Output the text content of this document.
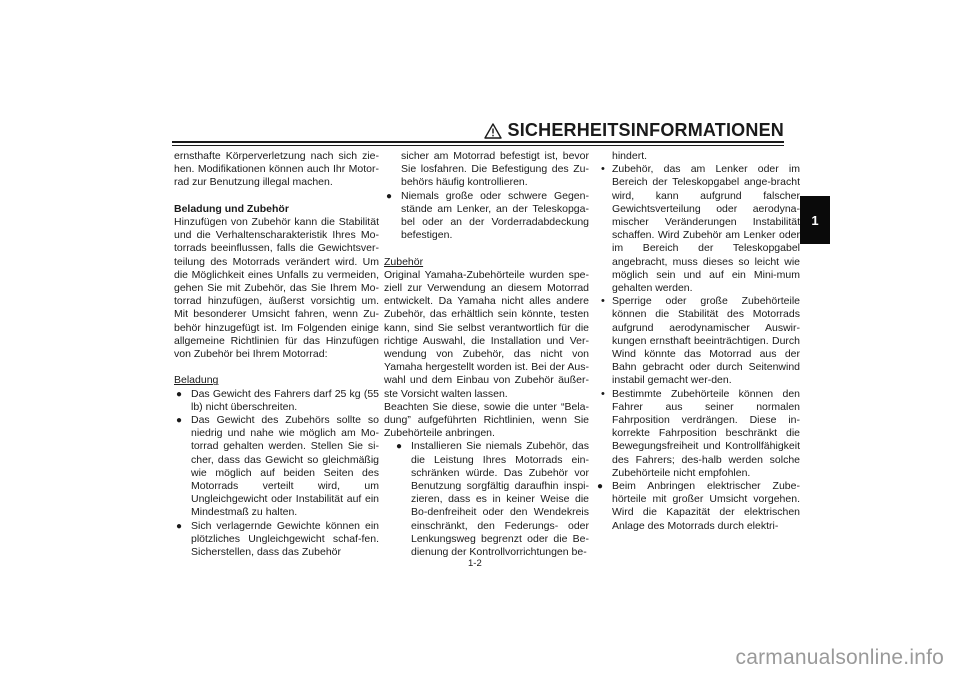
SICHERHEITSINFORMATIONEN
1

ernsthafte Körperverletzung nach sich zie-hen. Modifikationen können auch Ihr Motor-rad zur Benutzung illegal machen.

Beladung und Zubehör

Hinzufügen von Zubehör kann die Stabilität und die Verhaltenscharakteristik Ihres Mo-torrads beeinflussen, falls die Gewichtsver-teilung des Motorrads verändert wird. Um die Möglichkeit eines Unfalls zu vermeiden, gehen Sie mit Zubehör, das Sie Ihrem Mo-torrad hinzufügen, äußerst vorsichtig um. Mit besonderer Umsicht fahren, wenn Zu-behör hinzugefügt ist. Im Folgenden einige allgemeine Richtlinien für das Hinzufügen von Zubehör bei Ihrem Motorrad:

Beladung

● Das Gewicht des Fahrers darf 25 kg (55 lb) nicht überschreiten.

● Das Gewicht des Zubehörs sollte so niedrig und nahe wie möglich am Mo-torrad gehalten werden. Stellen Sie si-cher, dass das Gewicht so gleichmäßig wie möglich auf beiden Seiten des Motorrads verteilt wird, um Ungleichgewicht oder Instabilität auf ein Mindestmaß zu halten.

● Sich verlagernde Gewichte können ein plötzliches Ungleichgewicht schaf-fen. Sicherstellen, dass das Zubehör

sicher am Motorrad befestigt ist, bevor Sie losfahren. Die Befestigung des Zu-behörs häufig kontrollieren.

● Niemals große oder schwere Gegen-stände am Lenker, an der Teleskopga-bel oder an der Vorderradabdeckung befestigen.

Zubehör

Original Yamaha-Zubehörteile wurden spe-ziell zur Verwendung an diesem Motorrad entwickelt. Da Yamaha nicht alles andere Zubehör, das erhältlich sein könnte, testen kann, sind Sie selbst verantwortlich für die richtige Auswahl, die Installation und Ver-wendung von Zubehör, das nicht von Yamaha hergestellt worden ist. Bei der Aus-wahl und dem Einbau von Zubehör äußer-ste Vorsicht walten lassen.

Beachten Sie diese, sowie die unter “Bela-dung” aufgeführten Richtlinien, wenn Sie Zubehörteile anbringen.

● Installieren Sie niemals Zubehör, das die Leistung Ihres Motorrads ein-schränken würde. Das Zubehör vor Benutzung sorgfältig daraufhin inspi-zieren, dass es in keiner Weise die Bo-denfreiheit oder den Wendekreis einschränkt, den Federungs- oder Lenkungsweg begrenzt oder die Be-dienung der Kontrollvorrichtungen be-

hindert.

• Zubehör, das am Lenker oder im Bereich der Teleskopgabel ange-bracht wird, kann aufgrund falscher Gewichtsverteilung oder aerodyna-mischer Veränderungen Instabilität schaffen. Wird Zubehör am Lenker oder im Bereich der Teleskopgabel angebracht, muss dieses so leicht wie möglich sein und auf ein Mini-mum gehalten werden.

• Sperrige oder große Zubehörteile können die Stabilität des Motorrads aufgrund aerodynamischer Auswir-kungen ernsthaft beeinträchtigen. Durch Wind könnte das Motorrad aus der Bahn gebracht oder durch Seitenwind instabil gemacht wer-den.

• Bestimmte Zubehörteile können den Fahrer aus seiner normalen Fahrposition verdrängen. Diese in-korrekte Fahrposition beschränkt die Bewegungsfreiheit und Kontrollfähigkeit des Fahrers; des-halb werden solche Zubehörteile nicht empfohlen.

● Beim Anbringen elektrischer Zube-hörteile mit großer Umsicht vorgehen. Wird die Kapazität der elektrischen Anlage des Motorrads durch elektri-

1-2
carmanualsonline.info
